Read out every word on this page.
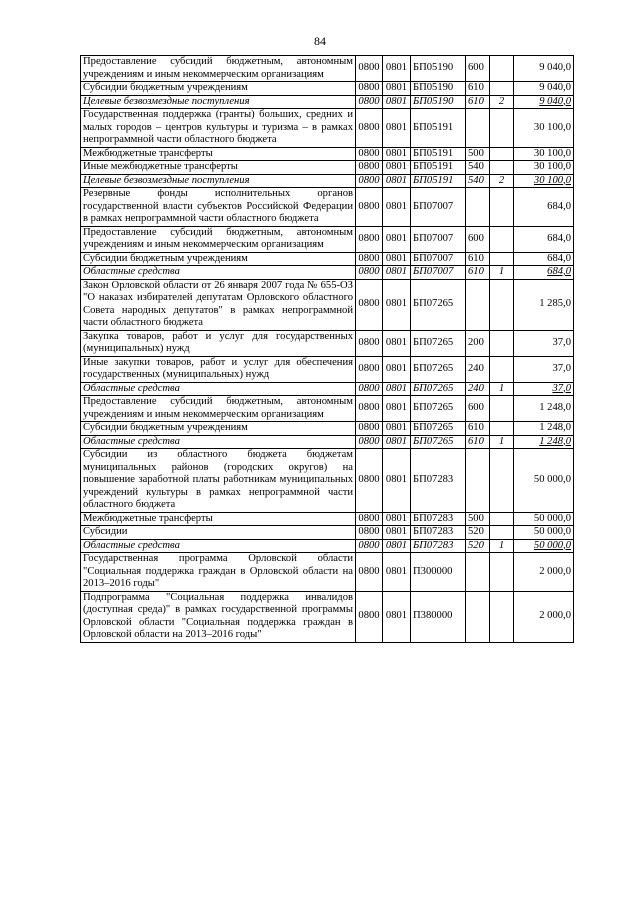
84
Предоставление субсидий бюджетным, автономным учреждениям и иным некоммерческим организациям	0800	0801	БП05190	600		9 040,0
Субсидии бюджетным учреждениям	0800	0801	БП05190	610		9 040,0
Целевые безвозмездные поступления	0800	0801	БП05190	610	2	9 040,0
Государственная поддержка (гранты) больших, средних и малых городов – центров культуры и туризма – в рамках непрограммной части областного бюджета	0800	0801	БП05191			30 100,0
Межбюджетные трансферты	0800	0801	БП05191	500		30 100,0
Иные межбюджетные трансферты	0800	0801	БП05191	540		30 100,0
Целевые безвозмездные поступления	0800	0801	БП05191	540	2	30 100,0
Резервные фонды исполнительных органов государственной власти субъектов Российской Федерации в рамках непрограммной части областного бюджета	0800	0801	БП07007			684,0
Предоставление субсидий бюджетным, автономным учреждениям и иным некоммерческим организациям	0800	0801	БП07007	600		684,0
Субсидии бюджетным учреждениям	0800	0801	БП07007	610		684,0
Областные средства	0800	0801	БП07007	610	1	684,0
Закон Орловской области от 26 января 2007 года № 655-ОЗ "О наказах избирателей депутатам Орловского областного Совета народных депутатов" в рамках непрограммной части областного бюджета	0800	0801	БП07265			1 285,0
Закупка товаров, работ и услуг для государственных (муниципальных) нужд	0800	0801	БП07265	200		37,0
Иные закупки товаров, работ и услуг для обеспечения государственных (муниципальных) нужд	0800	0801	БП07265	240		37,0
Областные средства	0800	0801	БП07265	240	1	37,0
Предоставление субсидий бюджетным, автономным учреждениям и иным некоммерческим организациям	0800	0801	БП07265	600		1 248,0
Субсидии бюджетным учреждениям	0800	0801	БП07265	610		1 248,0
Областные средства	0800	0801	БП07265	610	1	1 248,0
Субсидии из областного бюджета бюджетам муниципальных районов (городских округов) на повышение заработной платы работникам муниципальных учреждений культуры в рамках непрограммной части областного бюджета	0800	0801	БП07283			50 000,0
Межбюджетные трансферты	0800	0801	БП07283	500		50 000,0
Субсидии	0800	0801	БП07283	520		50 000,0
Областные средства	0800	0801	БП07283	520	1	50 000,0
Государственная программа Орловской области "Социальная поддержка граждан в Орловской области на 2013–2016 годы"	0800	0801	П300000			2 000,0
Подпрограмма "Социальная поддержка инвалидов (доступная среда)" в рамках государственной программы Орловской области "Социальная поддержка граждан в Орловской области на 2013–2016 годы"	0800	0801	П380000			2 000,0
